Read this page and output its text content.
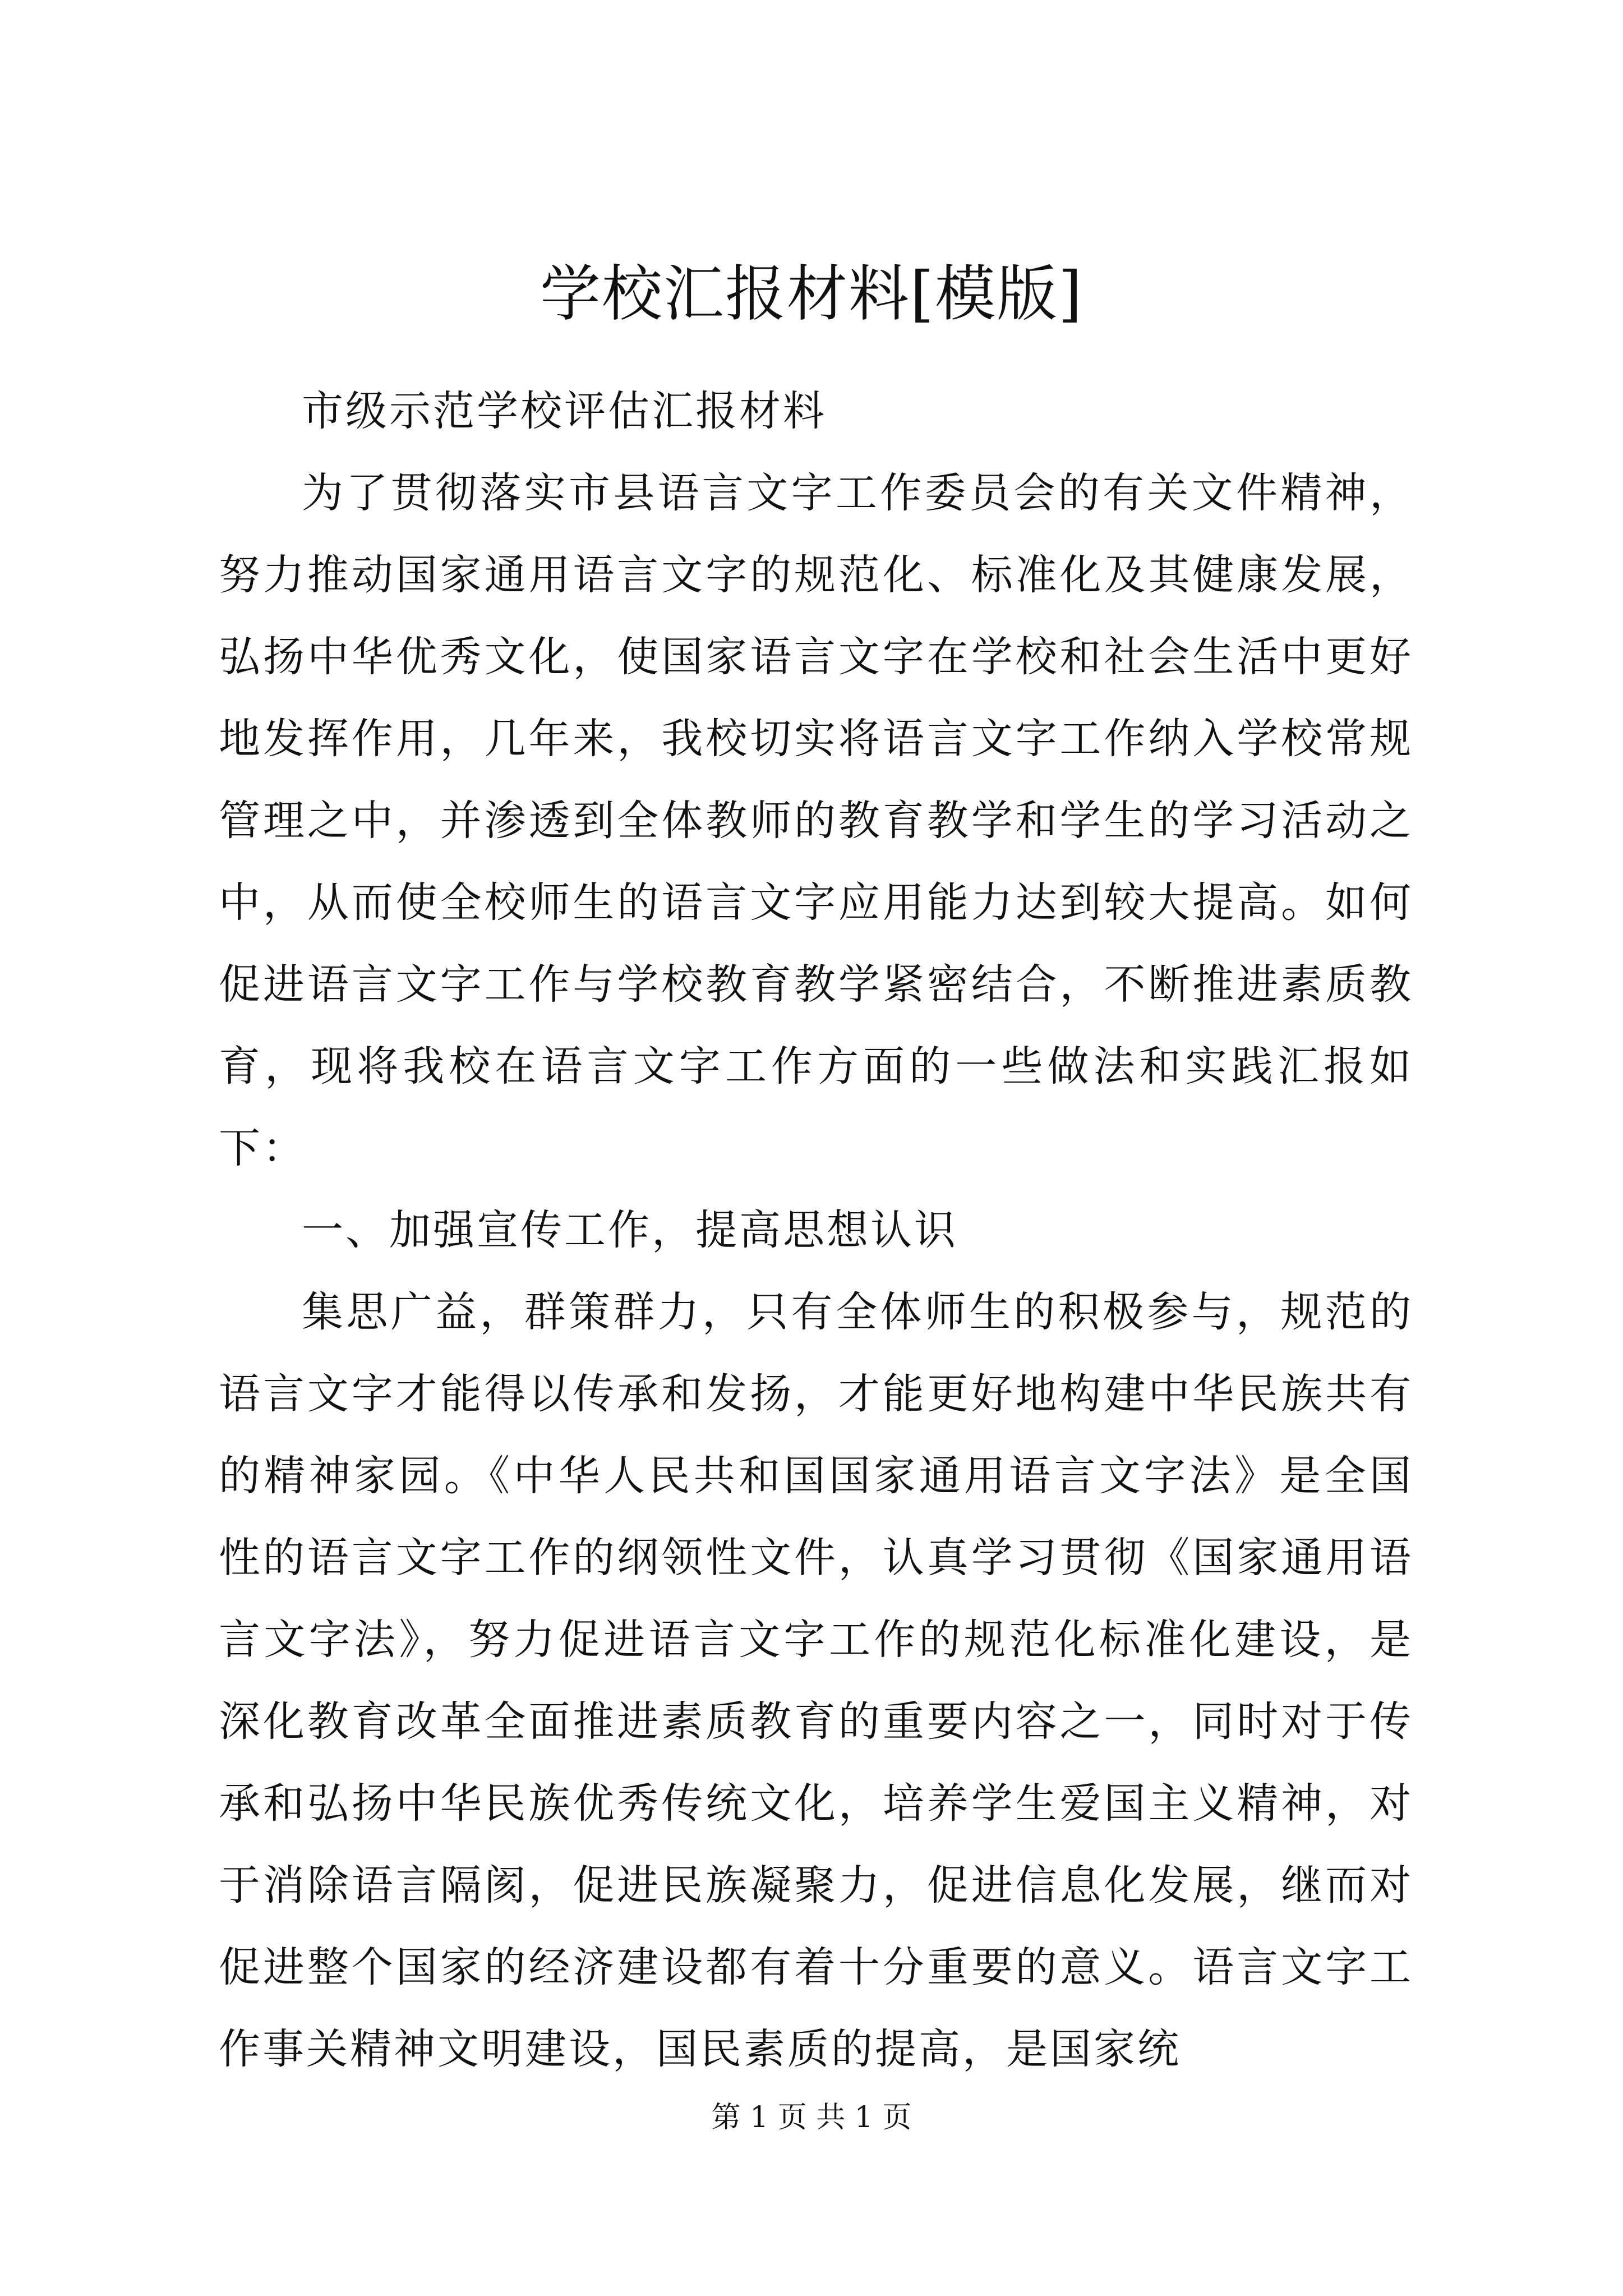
学校汇报材料[模版]

市级示范学校评估汇报材料

为了贯彻落实市县语言文字工作委员会的有关文件精神，努力推动国家通用语言文字的规范化、标准化及其健康发展，弘扬中华优秀文化，使国家语言文字在学校和社会生活中更好地发挥作用，几年来，我校切实将语言文字工作纳入学校常规管理之中，并渗透到全体教师的教育教学和学生的学习活动之中，从而使全校师生的语言文字应用能力达到较大提高。如何促进语言文字工作与学校教育教学紧密结合，不断推进素质教育，现将我校在语言文字工作方面的一些做法和实践汇报如下：

一、加强宣传工作，提高思想认识

集思广益，群策群力，只有全体师生的积极参与，规范的语言文字才能得以传承和发扬，才能更好地构建中华民族共有的精神家园。《中华人民共和国国家通用语言文字法》是全国性的语言文字工作的纲领性文件，认真学习贯彻《国家通用语言文字法》，努力促进语言文字工作的规范化标准化建设，是深化教育改革全面推进素质教育的重要内容之一，同时对于传承和弘扬中华民族优秀传统文化，培养学生爱国主义精神，对于消除语言隔阂，促进民族凝聚力，促进信息化发展，继而对促进整个国家的经济建设都有着十分重要的意义。语言文字工作事关精神文明建设，国民素质的提高，是国家统

第 1 页 共 1 页
